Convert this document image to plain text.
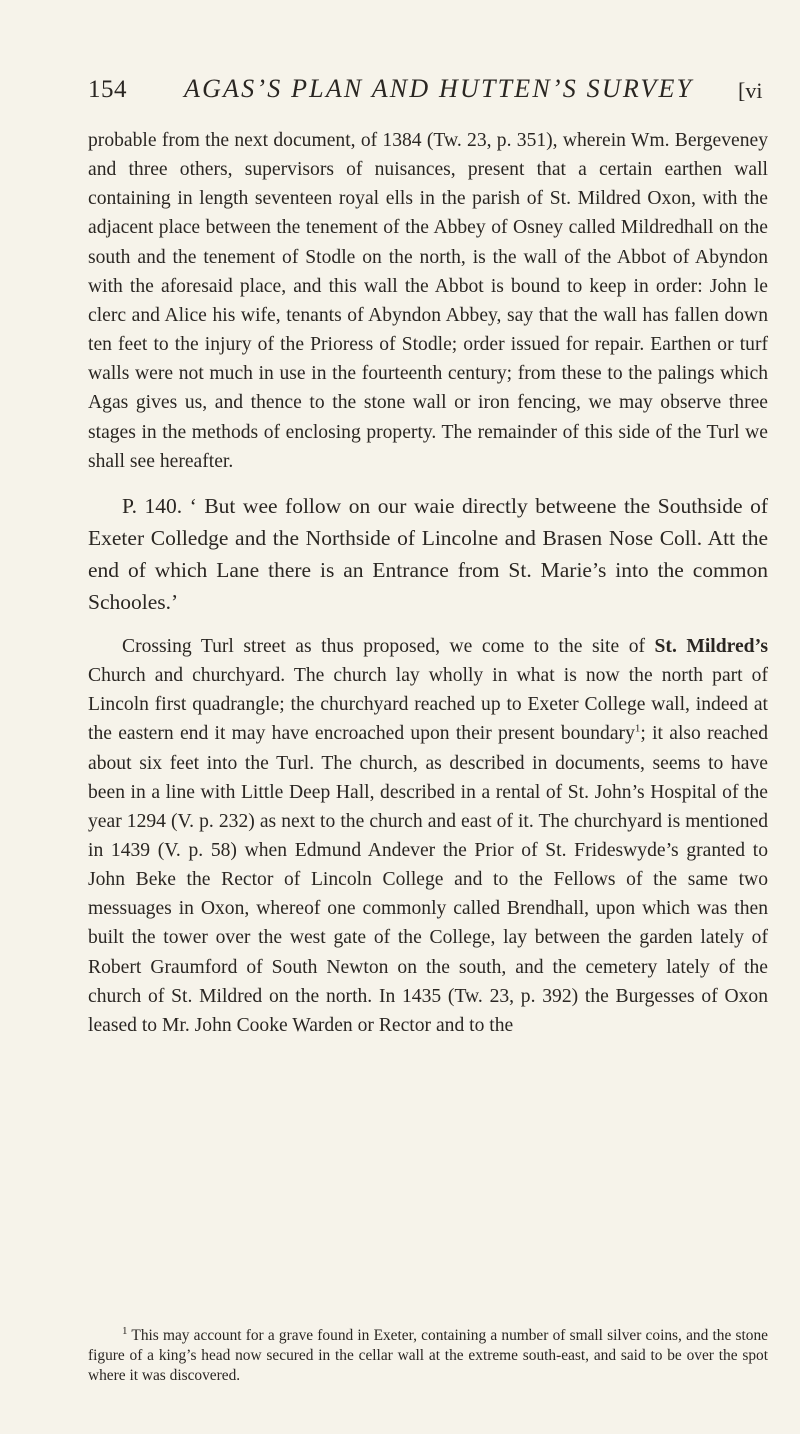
154 AGAS’S PLAN AND HUTTEN’S SURVEY [vi

probable from the next document, of 1384 (Tw. 23, p. 351), wherein Wm. Bergeveney and three others, supervisors of nuisances, present that a certain earthen wall containing in length seventeen royal ells in the parish of St. Mildred Oxon, with the adjacent place between the tenement of the Abbey of Osney called Mildredhall on the south and the tenement of Stodle on the north, is the wall of the Abbot of Abyndon with the aforesaid place, and this wall the Abbot is bound to keep in order: John le clerc and Alice his wife, tenants of Abyndon Abbey, say that the wall has fallen down ten feet to the injury of the Prioress of Stodle; order issued for repair. Earthen or turf walls were not much in use in the fourteenth century; from these to the palings which Agas gives us, and thence to the stone wall or iron fencing, we may observe three stages in the methods of enclosing property. The remainder of this side of the Turl we shall see hereafter.

P. 140. ‘ But wee follow on our waie directly betweene the Southside of Exeter Colledge and the Northside of Lincolne and Brasen Nose Coll. Att the end of which Lane there is an Entrance from St. Marie’s into the common Schooles.’

Crossing Turl street as thus proposed, we come to the site of St. Mildred’s Church and churchyard. The church lay wholly in what is now the north part of Lincoln first quadrangle; the churchyard reached up to Exeter College wall, indeed at the eastern end it may have encroached upon their present boundary$^1$; it also reached about six feet into the Turl. The church, as described in documents, seems to have been in a line with Little Deep Hall, described in a rental of St. John’s Hospital of the year 1294 (V. p. 232) as next to the church and east of it. The churchyard is mentioned in 1439 (V. p. 58) when Edmund Andever the Prior of St. Frideswyde’s granted to John Beke the Rector of Lincoln College and to the Fellows of the same two messuages in Oxon, whereof one commonly called Brendhall, upon which was then built the tower over the west gate of the College, lay between the garden lately of Robert Graumford of South Newton on the south, and the cemetery lately of the church of St. Mildred on the north. In 1435 (Tw. 23, p. 392) the Burgesses of Oxon leased to Mr. John Cooke Warden or Rector and to the

$^1$ This may account for a grave found in Exeter, containing a number of small silver coins, and the stone figure of a king’s head now secured in the cellar wall at the extreme south-east, and said to be over the spot where it was discovered.
